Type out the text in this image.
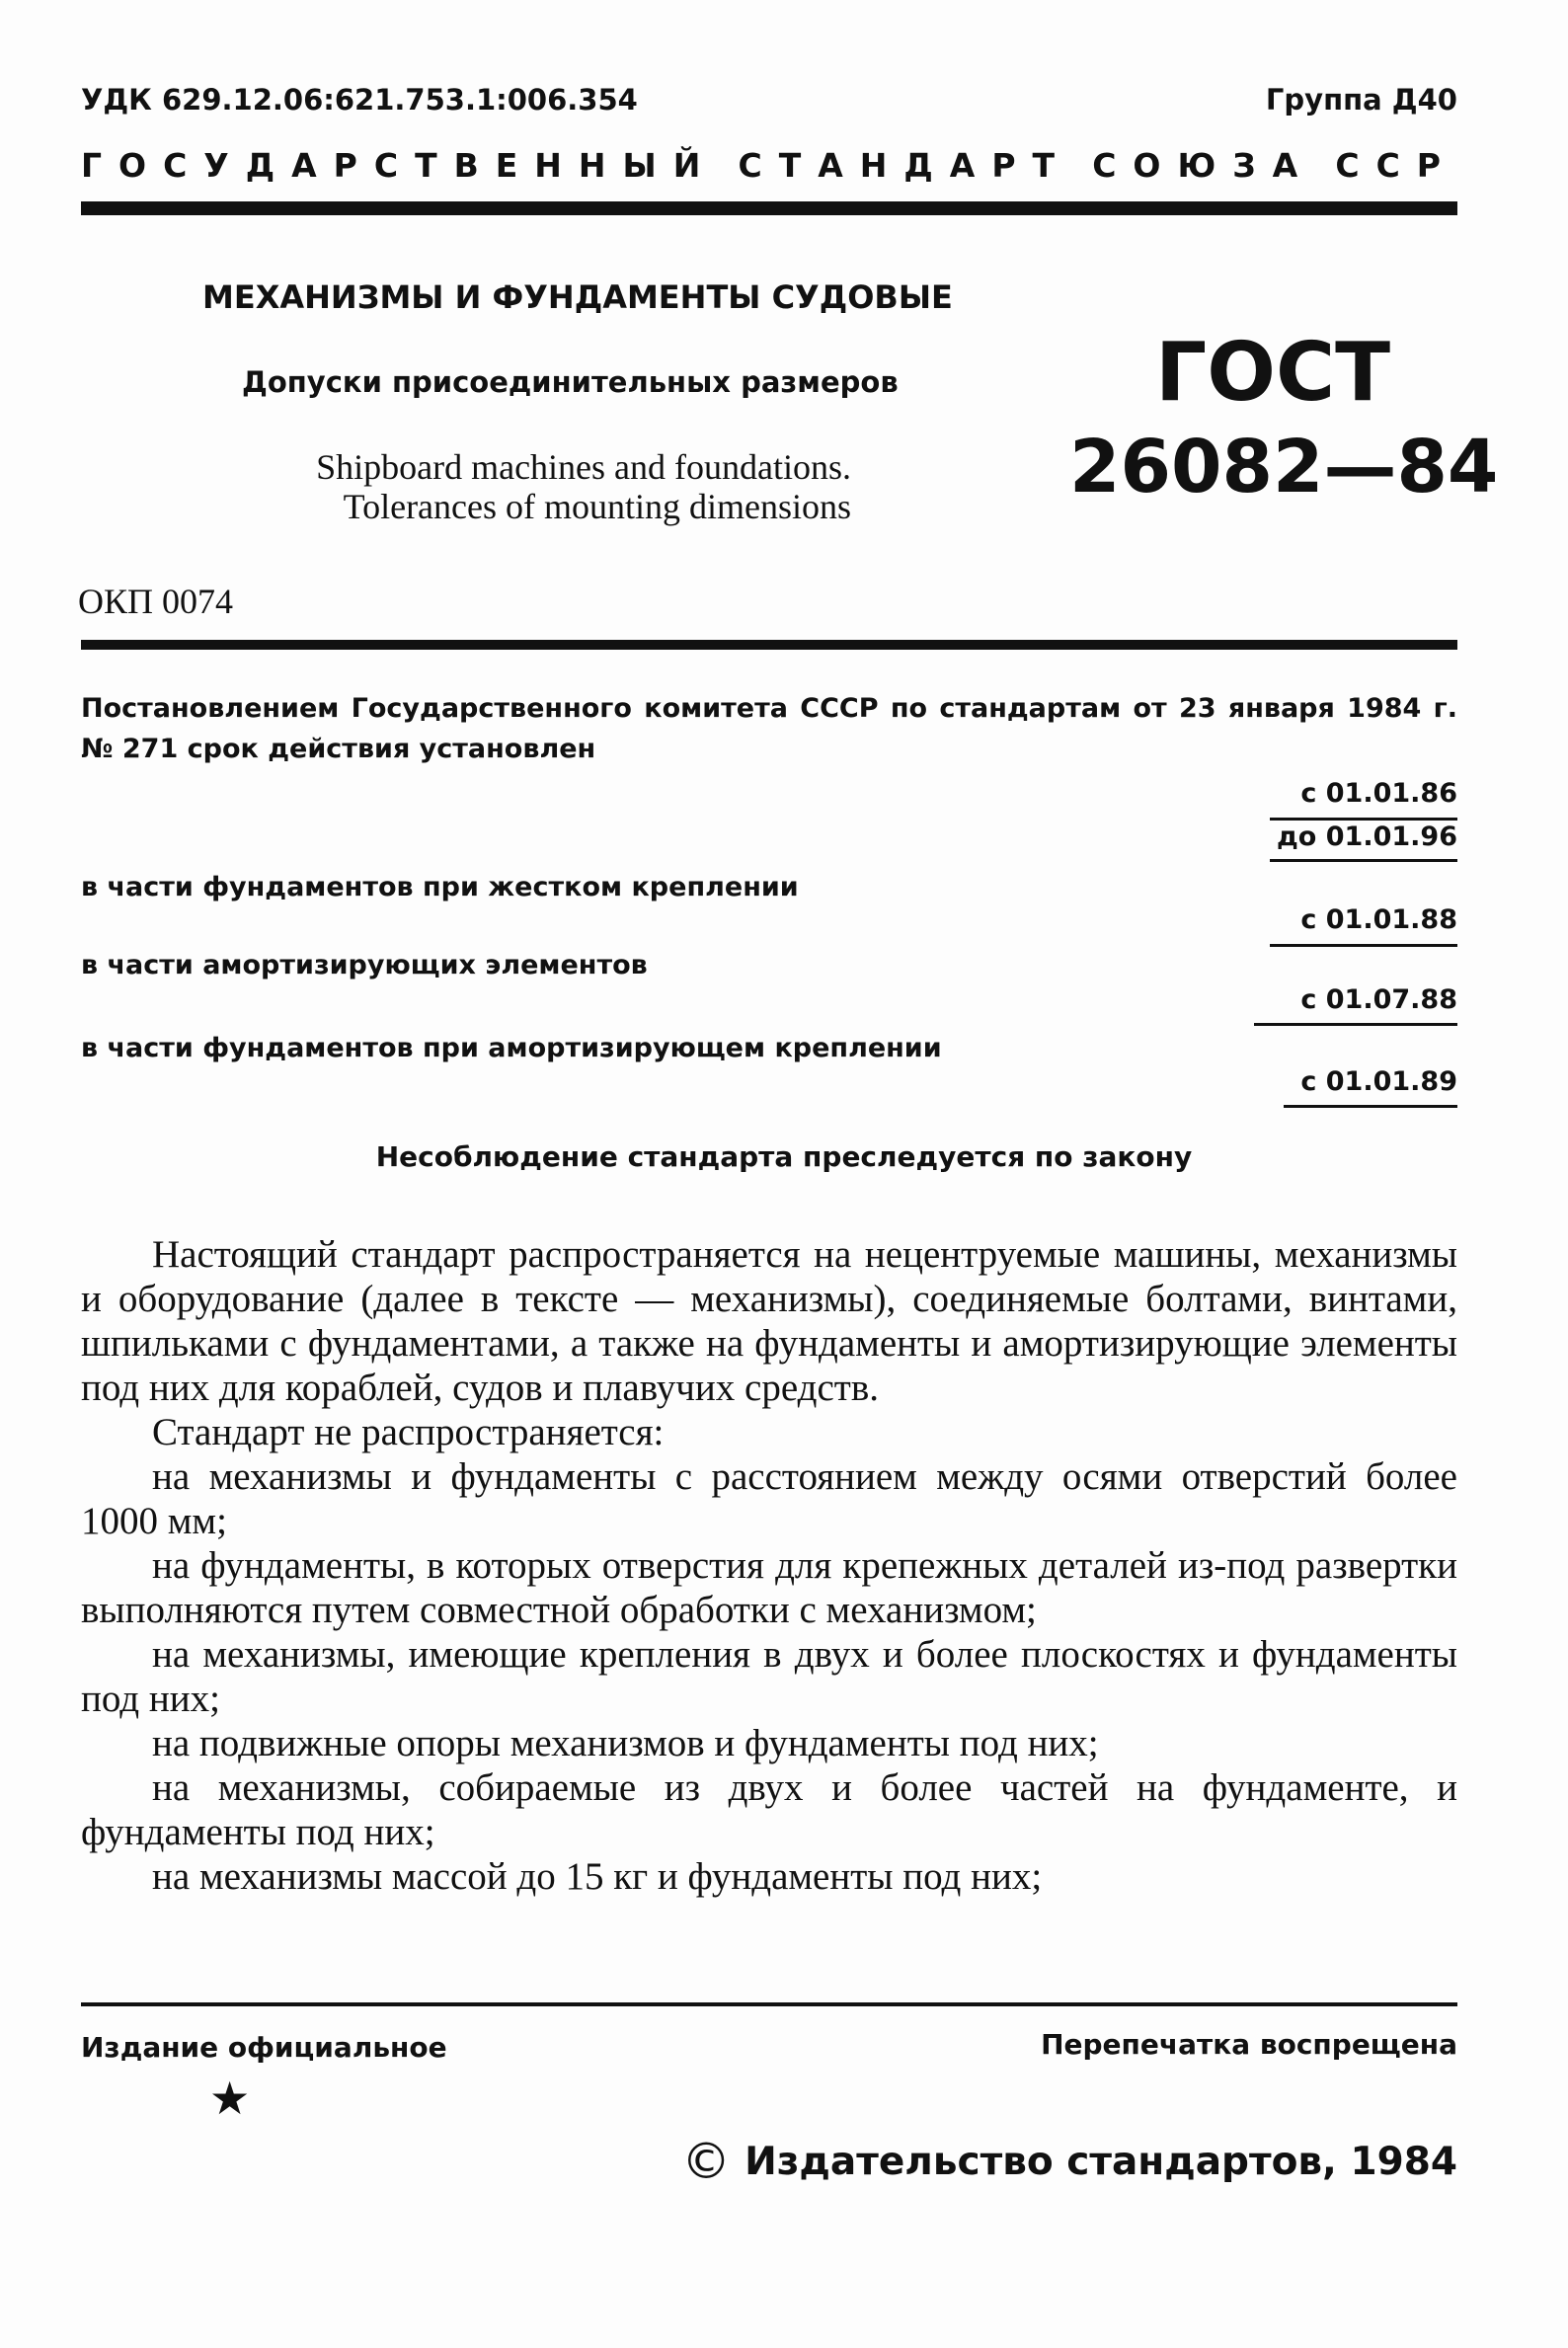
УДК 629.12.06:621.753.1:006.354	Группа Д40
ГОСУДАРСТВЕННЫЙ СТАНДАРТ СОЮЗА ССР
МЕХАНИЗМЫ И ФУНДАМЕНТЫ СУДОВЫЕ
Допуски присоединительных размеров
Shipboard machines and foundations.
Tolerances of mounting dimensions
ГОСТ
26082—84
ОКП 0074
Постановлением Государственного комитета СССР по стандартам от 23 января 1984 г. № 271 срок действия установлен
с 01.01.86
до 01.01.96
в части фундаментов при жестком креплении
с 01.01.88
в части амортизирующих элементов
с 01.07.88
в части фундаментов при амортизирующем креплении
с 01.01.89
Несоблюдение стандарта преследуется по закону

Настоящий стандарт распространяется на нецентруемые машины, механизмы и оборудование (далее в тексте — механизмы), соединяемые болтами, винтами, шпильками с фундаментами, а также на фундаменты и амортизирующие элементы под них для кораблей, судов и плавучих средств.

Стандарт не распространяется:

на механизмы и фундаменты с расстоянием между осями отверстий более 1000 мм;

на фундаменты, в которых отверстия для крепежных деталей из-под развертки выполняются путем совместной обработки с механизмом;

на механизмы, имеющие крепления в двух и более плоскостях и фундаменты под них;

на подвижные опоры механизмов и фундаменты под них;

на механизмы, собираемые из двух и более частей на фундаменте, и фундаменты под них;

на механизмы массой до 15 кг и фундаменты под них;

Издание официальное
★
Перепечатка воспрещена
© Издательство стандартов, 1984
